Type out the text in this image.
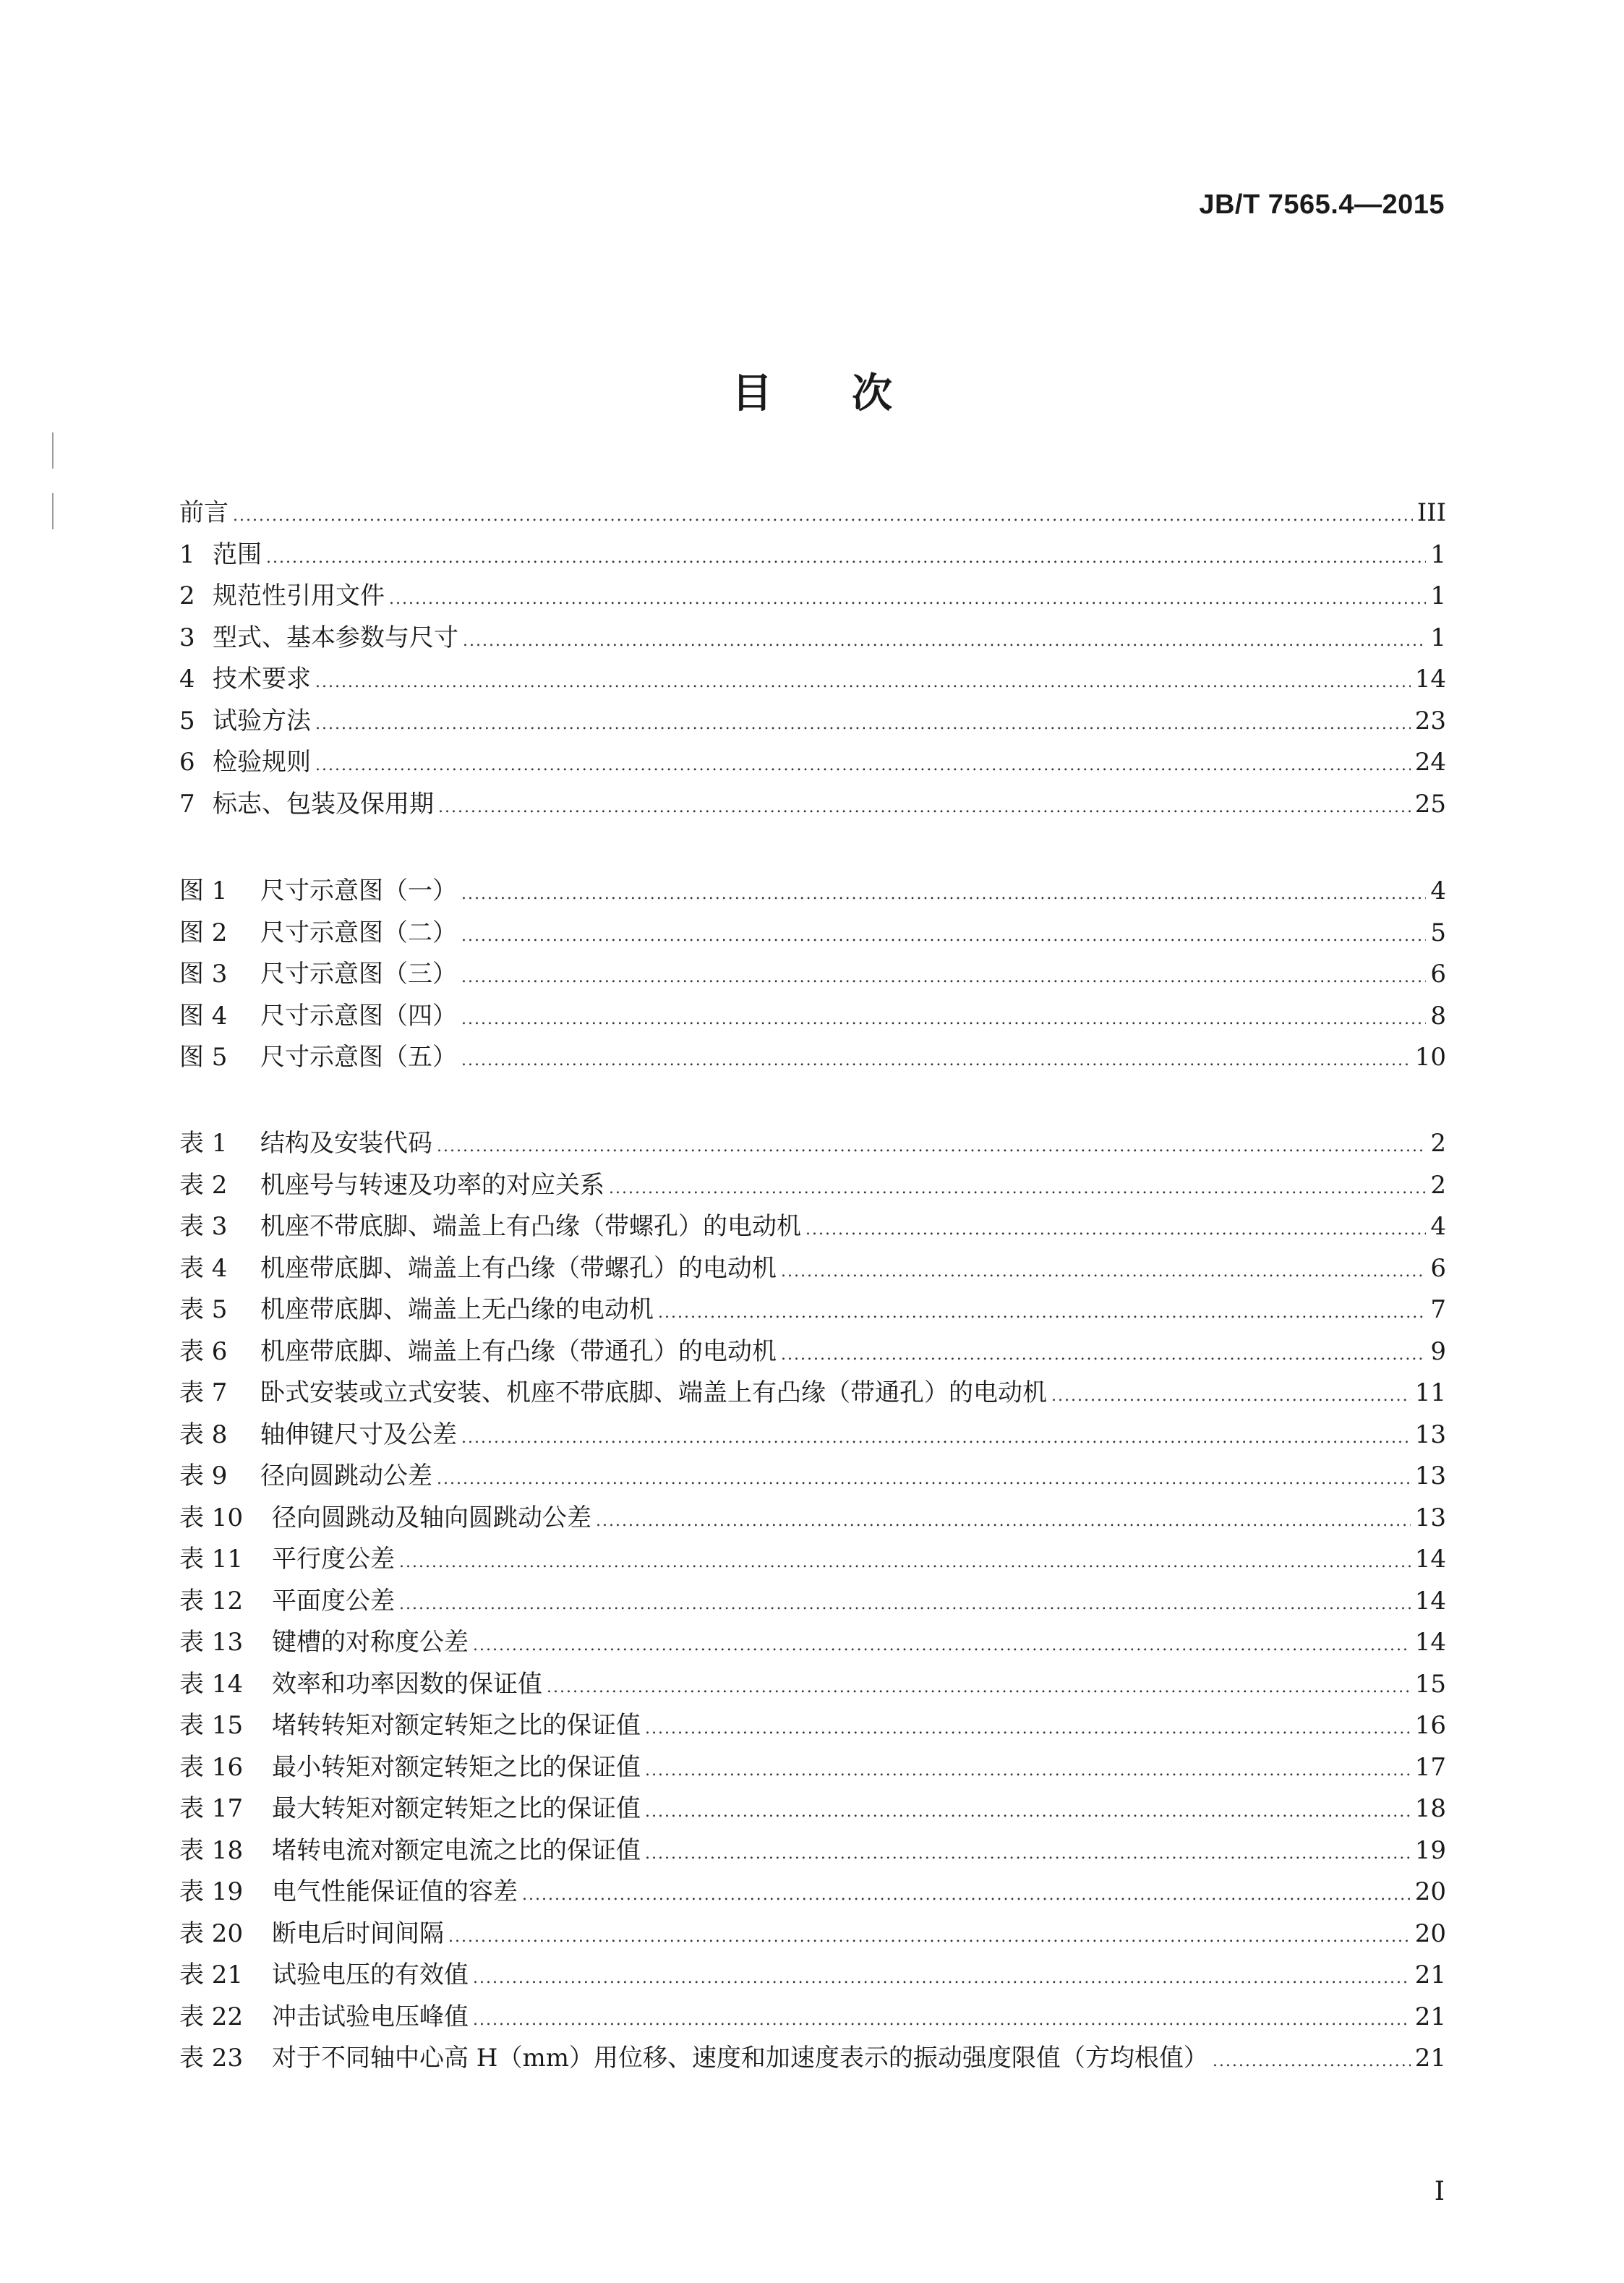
JB/T 7565.4—2015
目 次
前言 .....	III
1 范围 .....	1
2 规范性引用文件 .....	1
3 型式、基本参数与尺寸 .....	1
4 技术要求 .....	14
5 试验方法 .....	23
6 检验规则 .....	24
7 标志、包装及保用期 .....	25
图 1	尺寸示意图（一） .....	4
图 2	尺寸示意图（二） .....	5
图 3	尺寸示意图（三） .....	6
图 4	尺寸示意图（四） .....	8
图 5	尺寸示意图（五） .....	10
表 1	结构及安装代码 .....	2
表 2	机座号与转速及功率的对应关系 .....	2
表 3	机座不带底脚、端盖上有凸缘（带螺孔）的电动机 .....	4
表 4	机座带底脚、端盖上有凸缘（带螺孔）的电动机 .....	6
表 5	机座带底脚、端盖上无凸缘的电动机 .....	7
表 6	机座带底脚、端盖上有凸缘（带通孔）的电动机 .....	9
表 7	卧式安装或立式安装、机座不带底脚、端盖上有凸缘（带通孔）的电动机 .....	11
表 8	轴伸键尺寸及公差 .....	13
表 9	径向圆跳动公差 .....	13
表 10	径向圆跳动及轴向圆跳动公差 .....	13
表 11	平行度公差 .....	14
表 12	平面度公差 .....	14
表 13	键槽的对称度公差 .....	14
表 14	效率和功率因数的保证值 .....	15
表 15	堵转转矩对额定转矩之比的保证值 .....	16
表 16	最小转矩对额定转矩之比的保证值 .....	17
表 17	最大转矩对额定转矩之比的保证值 .....	18
表 18	堵转电流对额定电流之比的保证值 .....	19
表 19	电气性能保证值的容差 .....	20
表 20	断电后时间间隔 .....	20
表 21	试验电压的有效值 .....	21
表 22	冲击试验电压峰值 .....	21
表 23	对于不同轴中心高 H（mm）用位移、速度和加速度表示的振动强度限值（方均根值） .....	21
I
